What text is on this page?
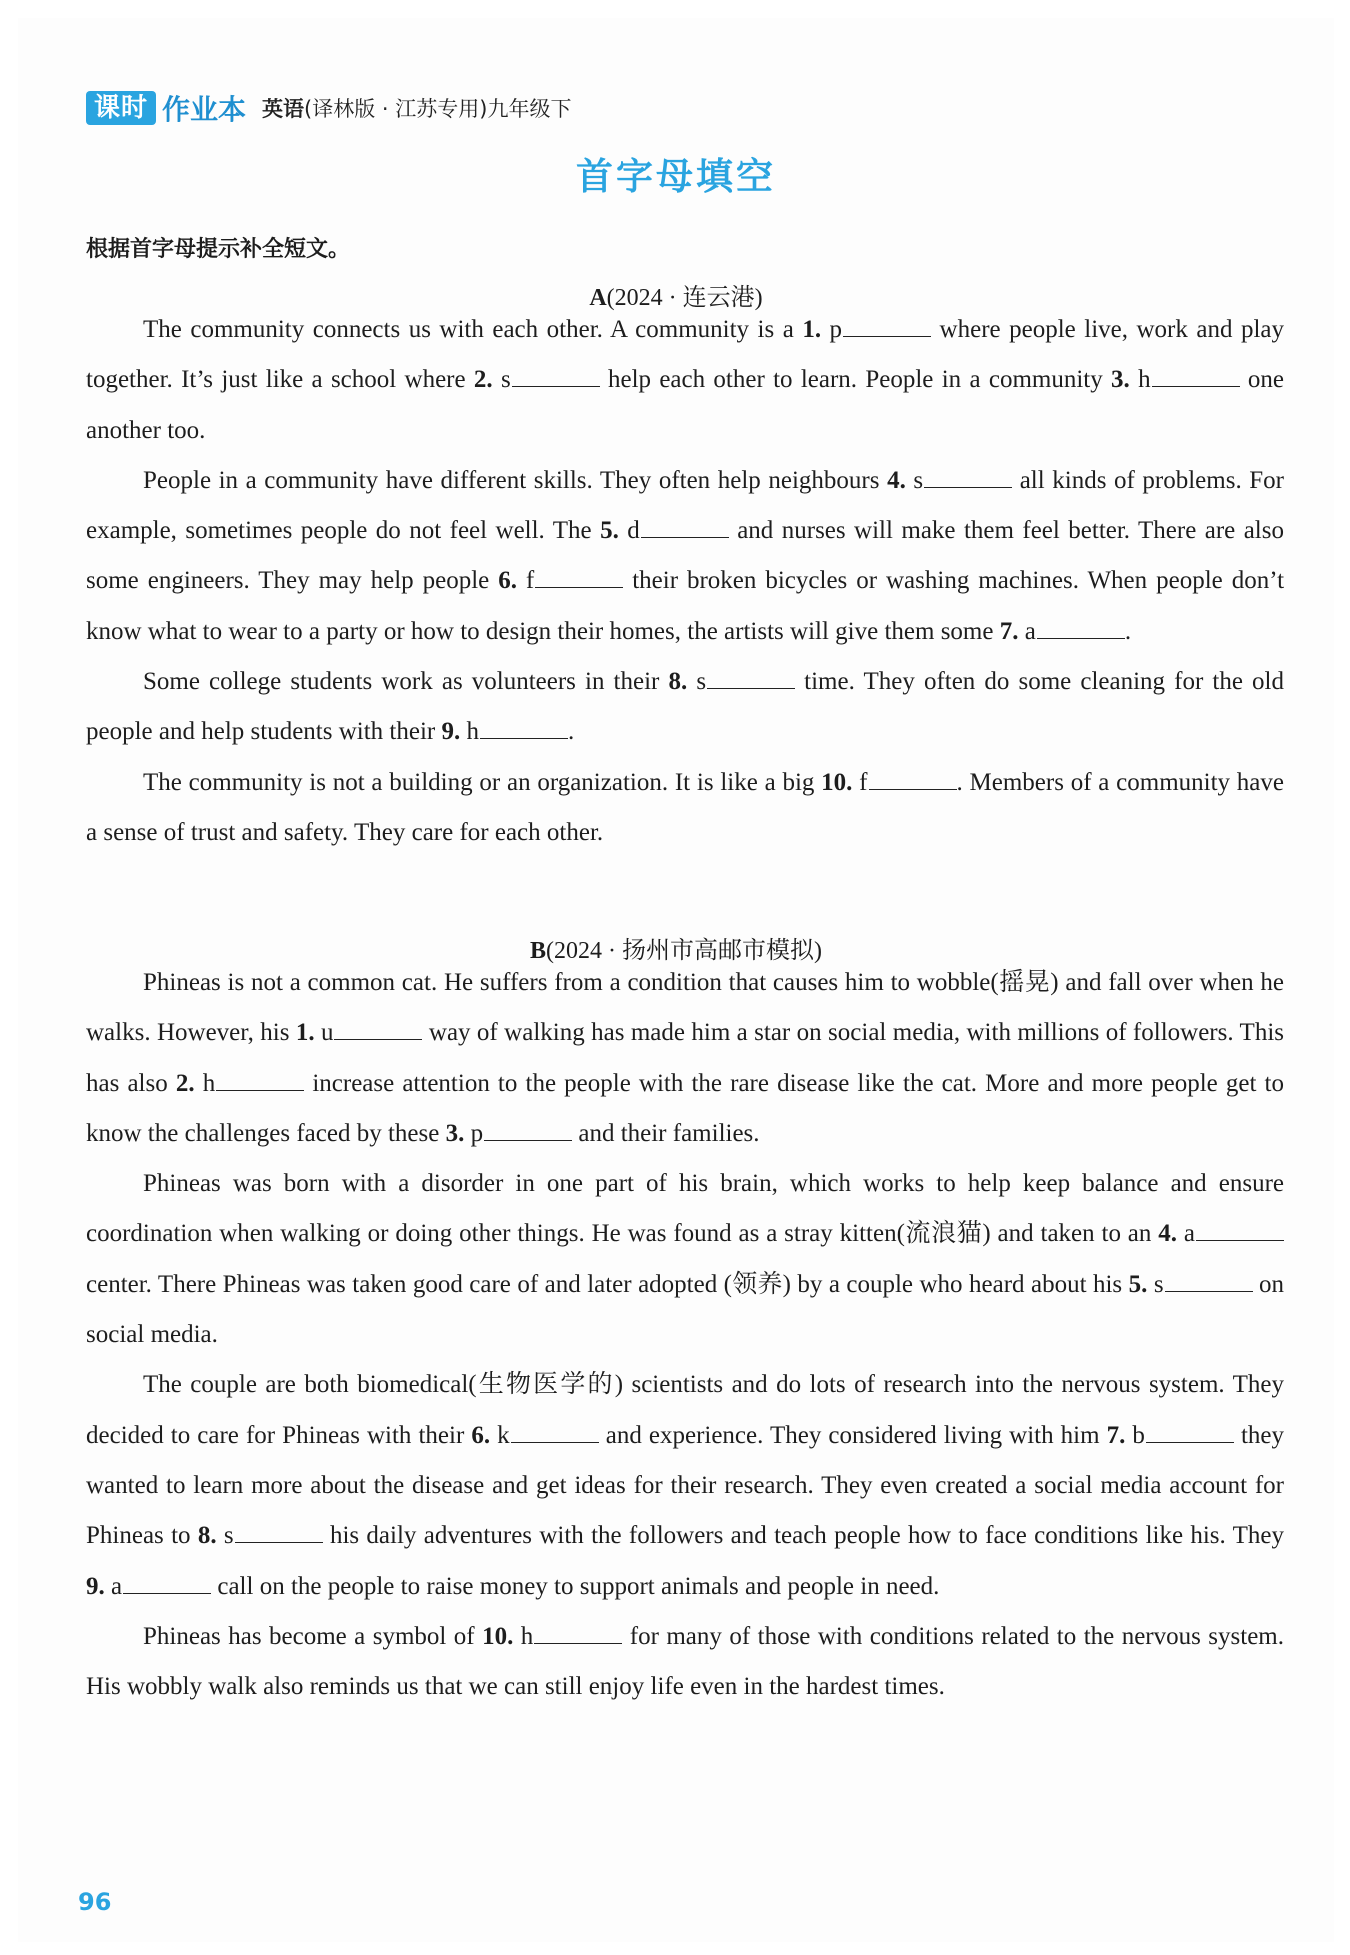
课时 作业本 英语(译林版 · 江苏专用)九年级下
首字母填空
根据首字母提示补全短文。
A(2024 · 连云港)

The community connects us with each other. A community is a 1. p	where people live, work and play together. It’s just like a school where 2. s	help each other to learn. People in a community 3. h	one another too.

People in a community have different skills. They often help neighbours 4. s	all kinds of problems. For example, sometimes people do not feel well. The 5. d	and nurses will make them feel better. There are also some engineers. They may help people 6. f	their broken bicycles or washing machines. When people don’t know what to wear to a party or how to design their homes, the artists will give them some 7. a	.

Some college students work as volunteers in their 8. s	time. They often do some cleaning for the old people and help students with their 9. h	.

The community is not a building or an organization. It is like a big 10. f	. Members of a community have a sense of trust and safety. They care for each other.

B(2024 · 扬州市高邮市模拟)

Phineas is not a common cat. He suffers from a condition that causes him to wobble(摇晃) and fall over when he walks. However, his 1. u	way of walking has made him a star on social media, with millions of followers. This has also 2. h	increase attention to the people with the rare disease like the cat. More and more people get to know the challenges faced by these 3. p	and their families.

Phineas was born with a disorder in one part of his brain, which works to help keep balance and ensure coordination when walking or doing other things. He was found as a stray kitten(流浪猫) and taken to an 4. a center. There Phineas was taken good care of and later adopted (领养) by a couple who heard about his 5. s	on social media.

The couple are both biomedical(生物医学的) scientists and do lots of research into the nervous system. They decided to care for Phineas with their 6. k	and experience. They considered living with him 7. b	they wanted to learn more about the disease and get ideas for their research. They even created a social media account for Phineas to 8. s	his daily adventures with the followers and teach people how to face conditions like his. They 9. a	call on the people to raise money to support animals and people in need.

Phineas has become a symbol of 10. h	for many of those with conditions related to the nervous system. His wobbly walk also reminds us that we can still enjoy life even in the hardest times.

96
